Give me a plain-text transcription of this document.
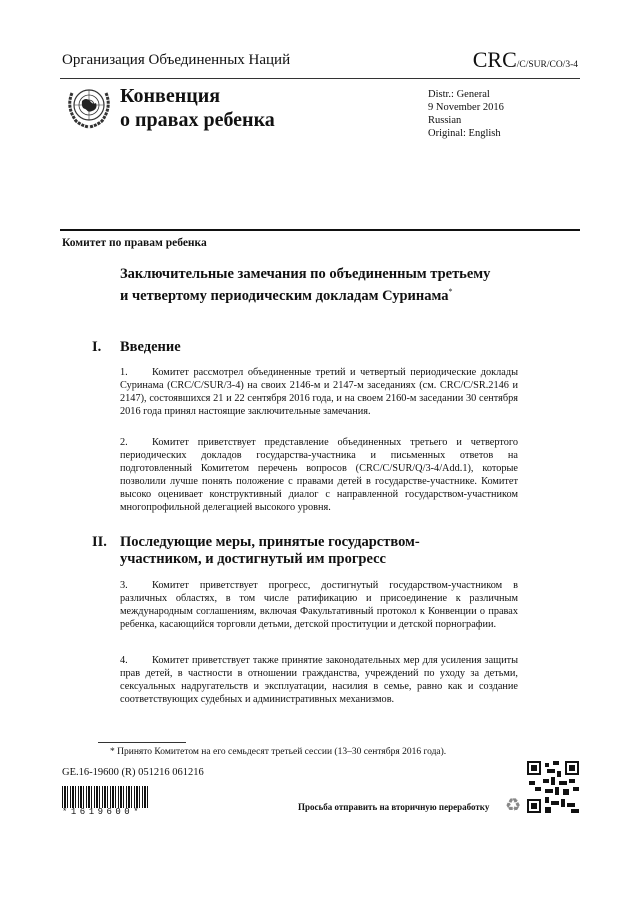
Организация Объединенных Наций	CRC/C/SUR/CO/3-4
Конвенция
о правах ребенка
Distr.: General
9 November 2016
Russian
Original: English
Комитет по правам ребенка
Заключительные замечания по объединенным третьему и четвертому периодическим докладам Суринама*
I. Введение
1. Комитет рассмотрел объединенные третий и четвертый периодические доклады Суринама (CRC/C/SUR/3-4) на своих 2146-м и 2147-м заседаниях (см. CRC/C/SR.2146 и 2147), состоявшихся 21 и 22 сентября 2016 года, и на своем 2160-м заседании 30 сентября 2016 года принял настоящие заключительные замечания.
2. Комитет приветствует представление объединенных третьего и четвертого периодических докладов государства-участника и письменных ответов на подготовленный Комитетом перечень вопросов (CRC/C/SUR/Q/3-4/Add.1), которые позволили лучше понять положение с правами детей в государстве-участнике. Комитет высоко оценивает конструктивный диалог с направленной государством-участником многопрофильной делегацией высокого уровня.
II. Последующие меры, принятые государством-участником, и достигнутый им прогресс
3. Комитет приветствует прогресс, достигнутый государством-участником в различных областях, в том числе ратификацию и присоединение к различным международным соглашениям, включая Факультативный протокол к Конвенции о правах ребенка, касающийся торговли детьми, детской проституции и детской порнографии.
4. Комитет приветствует также принятие законодательных мер для усиления защиты прав детей, в частности в отношении гражданства, учреждений по уходу за детьми, сексуальных надругательств и эксплуатации, насилия в семье, равно как и создание соответствующих судебных и административных механизмов.
* Принято Комитетом на его семьдесят третьей сессии (13–30 сентября 2016 года).
GE.16-19600 (R) 051216 061216
*1619600*	Просьба отправить на вторичную переработку ♻
